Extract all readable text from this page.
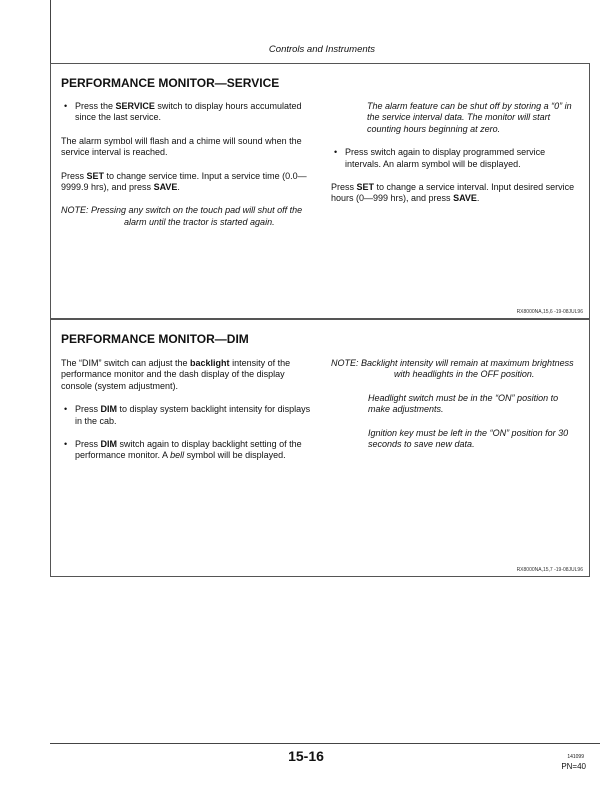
Controls and Instruments
PERFORMANCE MONITOR—SERVICE

• Press the SERVICE switch to display hours accumulated since the last service.

The alarm symbol will flash and a chime will sound when the service interval is reached.

Press SET to change service time. Input a service time (0.0—9999.9 hrs), and press SAVE.

NOTE: Pressing any switch on the touch pad will shut off the alarm until the tractor is started again.

The alarm feature can be shut off by storing a “0” in the service interval data. The monitor will start counting hours beginning at zero.

• Press switch again to display programmed service intervals. An alarm symbol will be displayed.

Press SET to change a service interval. Input desired service hours (0—999 hrs), and press SAVE.

RX8000NA,15,6 -19-08JUL96
PERFORMANCE MONITOR—DIM

The “DIM” switch can adjust the backlight intensity of the performance monitor and the dash display of the display console (system adjustment).

• Press DIM to display system backlight intensity for displays in the cab.

• Press DIM switch again to display backlight setting of the performance monitor. A bell symbol will be displayed.

NOTE: Backlight intensity will remain at maximum brightness with headlights in the OFF position.

Headlight switch must be in the “ON” position to make adjustments.

Ignition key must be left in the “ON” position for 30 seconds to save new data.

RX8000NA,15,7 -19-08JUL96
15-16	141099
PN=40
